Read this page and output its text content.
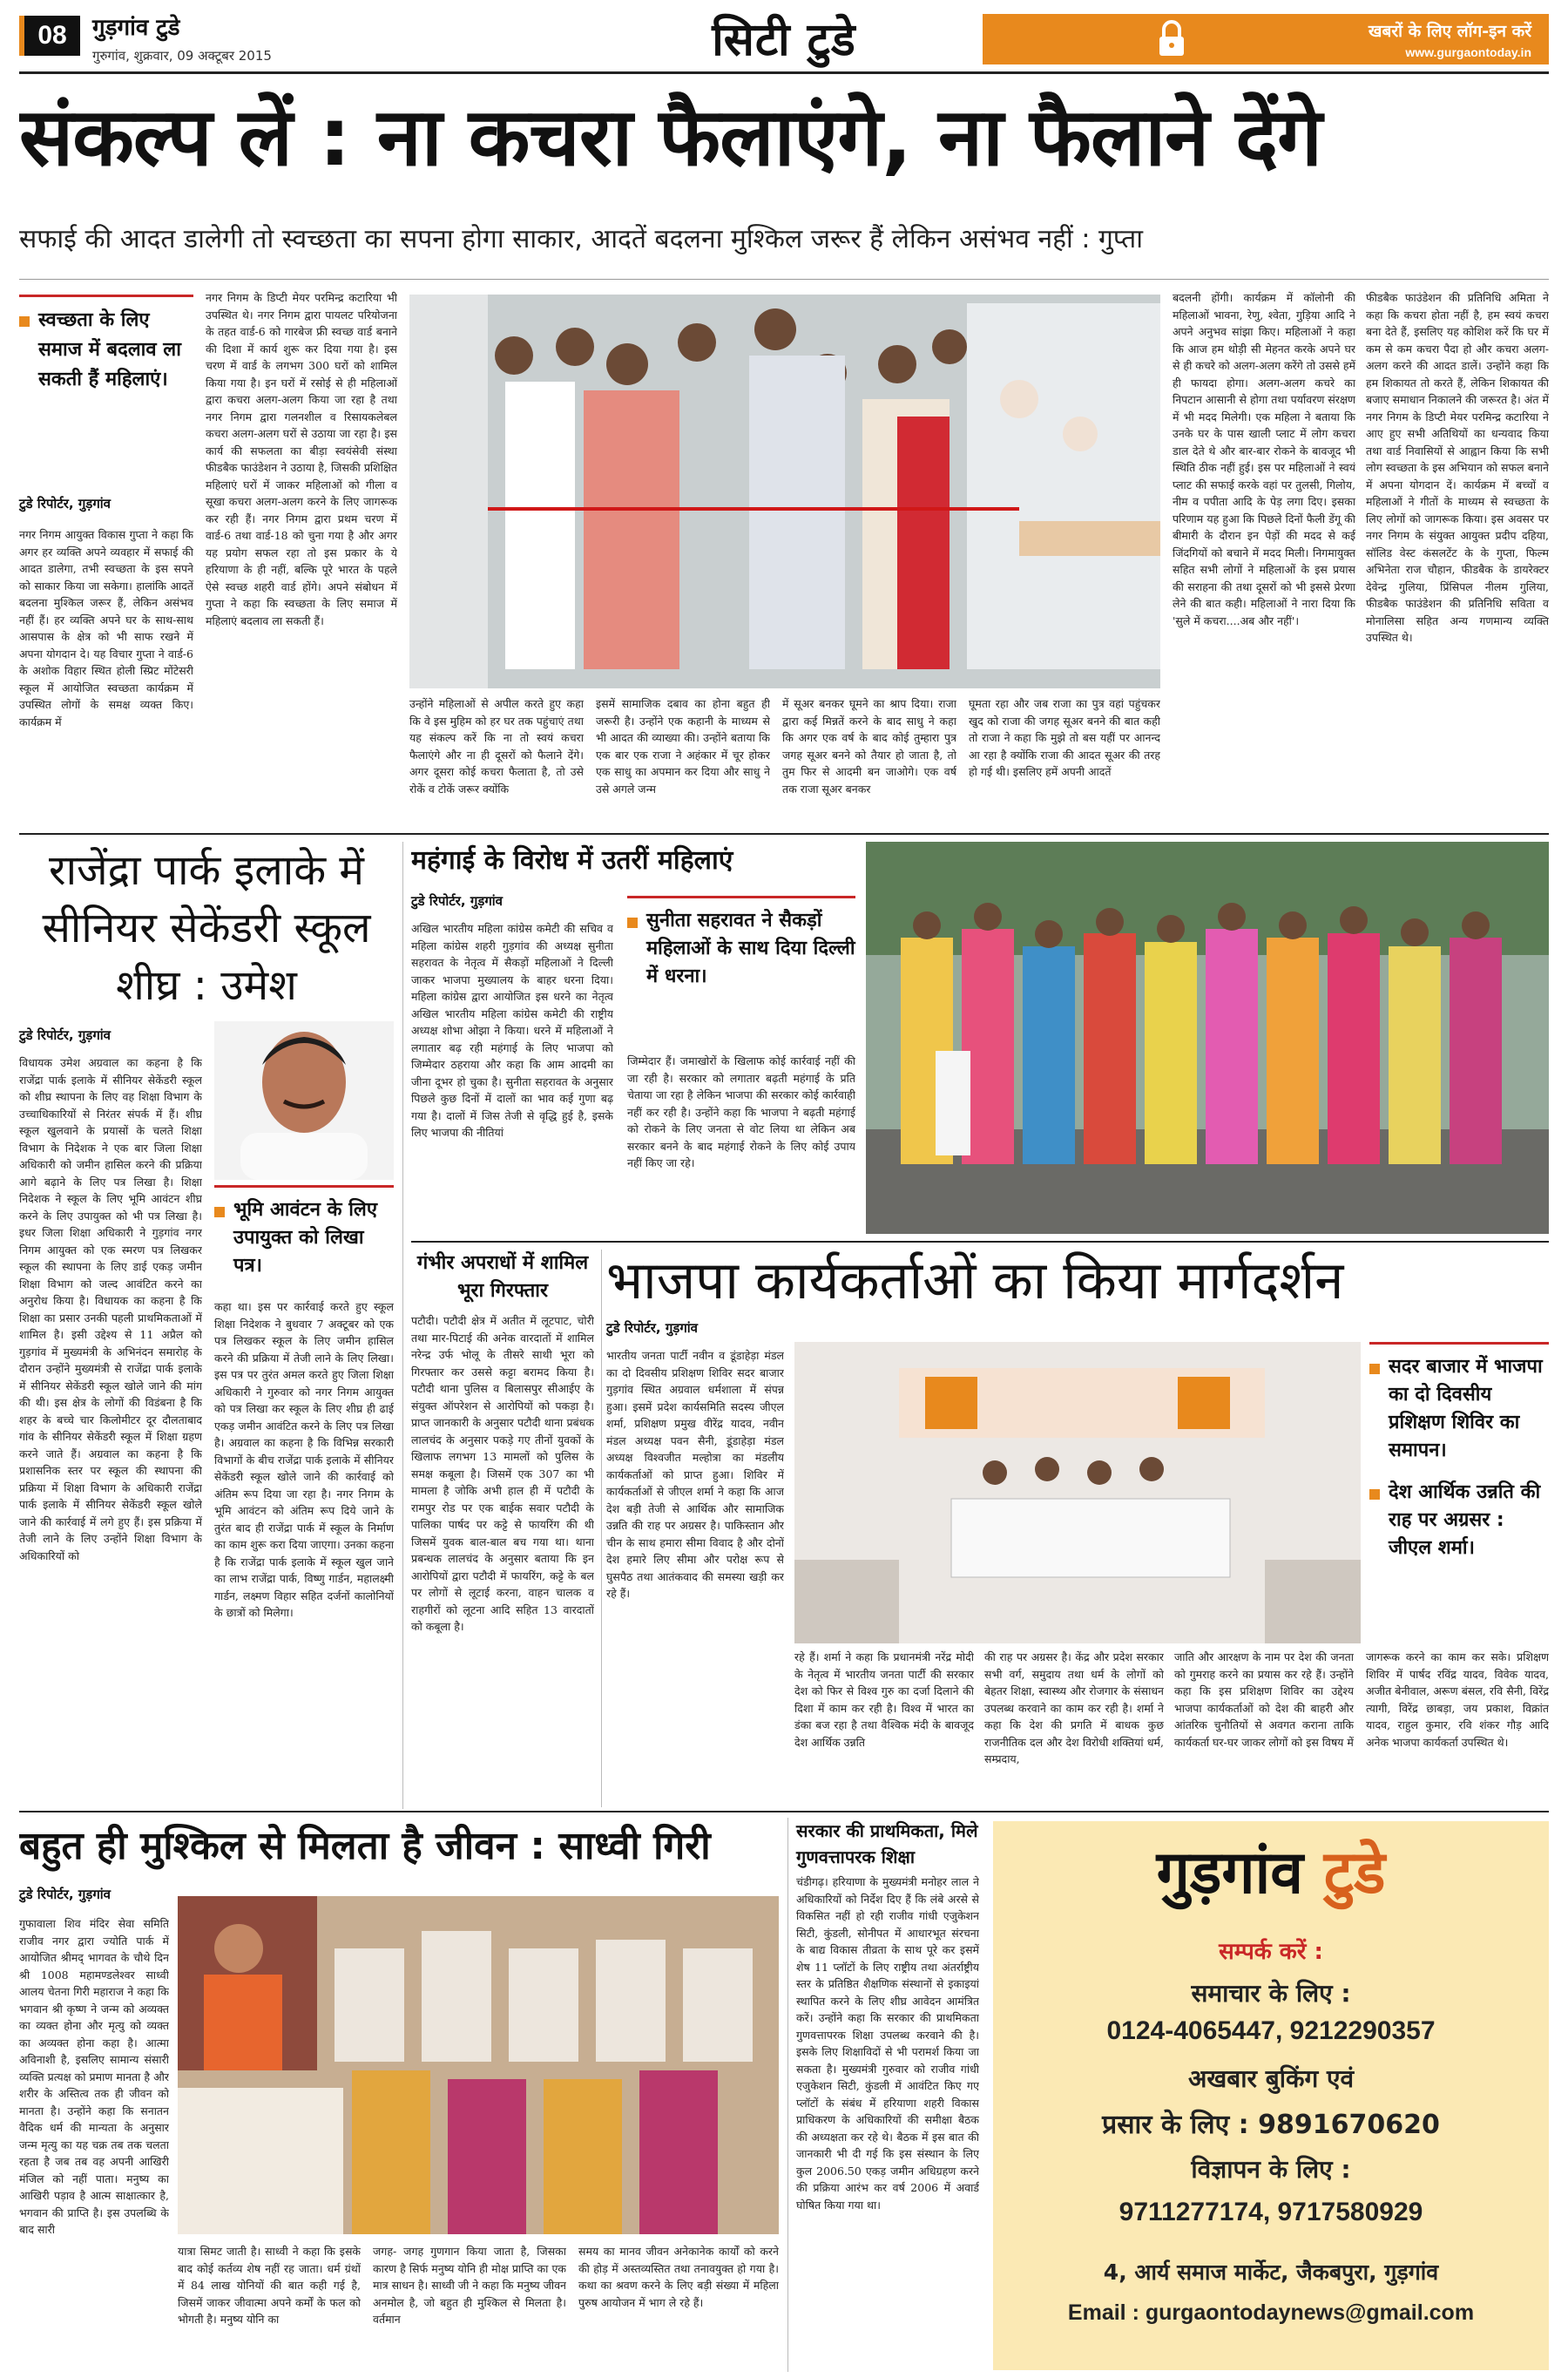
08	गुड़गांव टुडे
गुरुगांव, शुक्रवार, 09 अक्टूबर 2015	सिटी टुडे	खबरों के लिए लॉग-इन करें
www.gurgaontoday.in
संकल्प लें : ना कचरा फैलाएंगे, ना फैलाने देंगे
सफाई की आदत डालेगी तो स्वच्छता का सपना होगा साकार, आदतें बदलना मुश्किल जरूर हैं लेकिन असंभव नहीं : गुप्ता
स्वच्छता के लिए समाज में बदलाव ला सकती हैं महिलाएं।
टुडे रिपोर्टर, गुड़गांव
नगर निगम आयुक्त विकास गुप्ता ने कहा कि अगर हर व्यक्ति अपने व्यवहार में सफाई की आदत डालेगा, तभी स्वच्छता के इस सपने को साकार किया जा सकेगा। हालांकि आदतें बदलना मुश्किल जरूर हैं, लेकिन असंभव नहीं हैं। हर व्यक्ति अपने घर के साथ-साथ आसपास के क्षेत्र को भी साफ रखने में अपना योगदान दे। यह विचार गुप्ता ने वार्ड-6 के अशोक विहार स्थित होली स्प्रिट मोंटेसरी स्कूल में आयोजित स्वच्छता कार्यक्रम में उपस्थित लोगों के समक्ष व्यक्त किए। कार्यक्रम में
नगर निगम के डिप्टी मेयर परमिन्द्र कटारिया भी उपस्थित थे। नगर निगम द्वारा पायलट परियोजना के तहत वार्ड-6 को गारबेज फ्री स्वच्छ वार्ड बनाने की दिशा में कार्य शुरू कर दिया गया है। इस चरण में वार्ड के लगभग 300 घरों को शामिल किया गया है। इन घरों में रसोई से ही महिलाओं द्वारा कचरा अलग-अलग किया जा रहा है तथा नगर निगम द्वारा गलनशील व रिसायकलेबल कचरा अलग-अलग घरों से उठाया जा रहा है। इस कार्य की सफलता का बीड़ा स्वयंसेवी संस्था फीडबैक फाउंडेशन ने उठाया है, जिसकी प्रशिक्षित महिलाएं घरों में जाकर महिलाओं को गीला व सूखा कचरा अलग-अलग करने के लिए जागरूक कर रही हैं। नगर निगम द्वारा प्रथम चरण में वार्ड-6 तथा वार्ड-18 को चुना गया है और अगर यह प्रयोग सफल रहा तो इस प्रकार के ये हरियाणा के ही नहीं, बल्कि पूरे भारत के पहले ऐसे स्वच्छ शहरी वार्ड होंगे। अपने संबोधन में गुप्ता ने कहा कि स्वच्छता के लिए समाज में महिलाएं बदलाव ला सकती हैं।
उन्होंने महिलाओं से अपील करते हुए कहा कि वे इस मुहिम को हर घर तक पहुंचाएं तथा यह संकल्प करें कि ना तो स्वयं कचरा फैलाएंगे और ना ही दूसरों को फैलाने देंगे। अगर दूसरा कोई कचरा फैलाता है, तो उसे रोकें व टोकें जरूर क्योंकि
इसमें सामाजिक दबाव का होना बहुत ही जरूरी है। उन्होंने एक कहानी के माध्यम से भी आदत की व्याख्या की। उन्होंने बताया कि एक बार एक राजा ने अहंकार में चूर होकर एक साधु का अपमान कर दिया और साधु ने उसे अगले जन्म
में सूअर बनकर घूमने का श्राप दिया। राजा द्वारा कई मिन्नतें करने के बाद साधु ने कहा कि अगर एक वर्ष के बाद कोई तुम्हारा पुत्र जगह सूअर बनने को तैयार हो जाता है, तो तुम फिर से आदमी बन जाओगे। एक वर्ष तक राजा सूअर बनकर
घूमता रहा और जब राजा का पुत्र वहां पहुंचकर खुद को राजा की जगह सूअर बनने की बात कही तो राजा ने कहा कि मुझे तो बस यहीं पर आनन्द आ रहा है क्योंकि राजा की आदत सूअर की तरह हो गई थी। इसलिए हमें अपनी आदतें
बदलनी होंगी। कार्यक्रम में कॉलोनी की महिलाओं भावना, रेणु, श्वेता, गुड़िया आदि ने अपने अनुभव सांझा किए। महिलाओं ने कहा कि आज हम थोड़ी सी मेहनत करके अपने घर से ही कचरे को अलग-अलग करेंगे तो उससे हमें ही फायदा होगा। अलग-अलग कचरे का निपटान आसानी से होगा तथा पर्यावरण संरक्षण में भी मदद मिलेगी। एक महिला ने बताया कि उनके घर के पास खाली प्लाट में लोग कचरा डाल देते थे और बार-बार रोकने के बावजूद भी स्थिति ठीक नहीं हुई। इस पर महिलाओं ने स्वयं प्लाट की सफाई करके वहां पर तुलसी, गिलोय, नीम व पपीता आदि के पेड़ लगा दिए। इसका परिणाम यह हुआ कि पिछले दिनों फैली डेंगू की बीमारी के दौरान इन पेड़ों की मदद से कई जिंदगियों को बचाने में मदद मिली। निगमायुक्त सहित सभी लोगों ने महिलाओं के इस प्रयास की सराहना की तथा दूसरों को भी इससे प्रेरणा लेने की बात कही। महिलाओं ने नारा दिया कि 'सुले में कचरा....अब और नहीं'।
फीडबैक फाउंडेशन की प्रतिनिधि अमिता ने कहा कि कचरा होता नहीं है, हम स्वयं कचरा बना देते हैं, इसलिए यह कोशिश करें कि घर में कम से कम कचरा पैदा हो और कचरा अलग-अलग करने की आदत डालें। उन्होंने कहा कि हम शिकायत तो करते हैं, लेकिन शिकायत की बजाए समाधान निकालने की जरूरत है। अंत में नगर निगम के डिप्टी मेयर परमिन्द्र कटारिया ने आए हुए सभी अतिथियों का धन्यवाद किया तथा वार्ड निवासियों से आह्वान किया कि सभी लोग स्वच्छता के इस अभियान को सफल बनाने में अपना योगदान दें। कार्यक्रम में बच्चों व महिलाओं ने गीतों के माध्यम से स्वच्छता के लिए लोगों को जागरूक किया। इस अवसर पर नगर निगम के संयुक्त आयुक्त प्रदीप दहिया, सॉलिड वेस्ट कंसलटेंट के के गुप्ता, फिल्म अभिनेता राज चौहान, फीडबैक के डायरेक्टर देवेन्द्र गुलिया, प्रिंसिपल नीलम गुलिया, फीडबैक फाउंडेशन की प्रतिनिधि सविता व मोनालिसा सहित अन्य गणमान्य व्यक्ति उपस्थित थे।
राजेंद्रा पार्क इलाके में सीनियर सेकेंडरी स्कूल शीघ्र : उमेश
टुडे रिपोर्टर, गुड़गांव
भूमि आवंटन के लिए उपायुक्त को लिखा पत्र।
विधायक उमेश अग्रवाल का कहना है कि राजेंद्रा पार्क इलाके में सीनियर सेकेंडरी स्कूल को शीघ्र स्थापना के लिए वह शिक्षा विभाग के उच्चाधिकारियों से निरंतर संपर्क में हैं। शीघ्र स्कूल खुलवाने के प्रयासों के चलते शिक्षा विभाग के निदेशक ने एक बार जिला शिक्षा अधिकारी को जमीन हासिल करने की प्रक्रिया आगे बढ़ाने के लिए पत्र लिखा है। शिक्षा निदेशक ने स्कूल के लिए भूमि आवंटन शीघ्र करने के लिए उपायुक्त को भी पत्र लिखा है। इधर जिला शिक्षा अधिकारी ने गुड़गांव नगर निगम आयुक्त को एक स्मरण पत्र लिखकर स्कूल की स्थापना के लिए डाई एकड़ जमीन शिक्षा विभाग को जल्द आवंटित करने का अनुरोध किया है। विधायक का कहना है कि शिक्षा का प्रसार उनकी पहली प्राथमिकताओं में शामिल है। इसी उद्देश्य से 11 अप्रैल को गुड़गांव में मुख्यमंत्री के अभिनंदन समारोह के दौरान उन्होंने मुख्यमंत्री से राजेंद्रा पार्क इलाके में सीनियर सेकेंडरी स्कूल खोले जाने की मांग की थी। इस क्षेत्र के लोगों की विडंबना है कि शहर के बच्चे चार किलोमीटर दूर दौलताबाद गांव के सीनियर सेकेंडरी स्कूल में शिक्षा ग्रहण करने जाते हैं। अग्रवाल का कहना है कि प्रशासनिक स्तर पर स्कूल की स्थापना की प्रक्रिया में शिक्षा विभाग के अधिकारी राजेंद्रा पार्क इलाके में सीनियर सेकेंडरी स्कूल खोले जाने की कार्रवाई में लगे हुए हैं। इस प्रक्रिया में तेजी लाने के लिए उन्होंने शिक्षा विभाग के अधिकारियों को
कहा था। इस पर कार्रवाई करते हुए स्कूल शिक्षा निदेशक ने बुधवार 7 अक्टूबर को एक पत्र लिखकर स्कूल के लिए जमीन हासिल करने की प्रक्रिया में तेजी लाने के लिए लिखा। इस पत्र पर तुरंत अमल करते हुए जिला शिक्षा अधिकारी ने गुरुवार को नगर निगम आयुक्त को पत्र लिखा कर स्कूल के लिए शीघ्र ही ढाई एकड़ जमीन आवंटित करने के लिए पत्र लिखा है। अग्रवाल का कहना है कि विभिन्न सरकारी विभागों के बीच राजेंद्रा पार्क इलाके में सीनियर सेकेंडरी स्कूल खोले जाने की कार्रवाई को अंतिम रूप दिया जा रहा है। नगर निगम के भूमि आवंटन को अंतिम रूप दिये जाने के तुरंत बाद ही राजेंद्रा पार्क में स्कूल के निर्माण का काम शुरू करा दिया जाएगा। उनका कहना है कि राजेंद्रा पार्क इलाके में स्कूल खुल जाने का लाभ राजेंद्रा पार्क, विष्णु गार्डन, महालक्ष्मी गार्डन, लक्ष्मण विहार सहित दर्जनों कालोनियों के छात्रों को मिलेगा।
महंगाई के विरोध में उतरीं महिलाएं
टुडे रिपोर्टर, गुड़गांव
अखिल भारतीय महिला कांग्रेस कमेटी की सचिव व महिला कांग्रेस शहरी गुड़गांव की अध्यक्ष सुनीता सहरावत के नेतृत्व में सैकड़ों महिलाओं ने दिल्ली जाकर भाजपा मुख्यालय के बाहर धरना दिया। महिला कांग्रेस द्वारा आयोजित इस धरने का नेतृत्व अखिल भारतीय महिला कांग्रेस कमेटी की राष्ट्रीय अध्यक्ष शोभा ओझा ने किया। धरने में महिलाओं ने लगातार बढ़ रही महंगाई के लिए भाजपा को जिम्मेदार ठहराया और कहा कि आम आदमी का जीना दूभर हो चुका है। सुनीता सहरावत के अनुसार पिछले कुछ दिनों में दालों का भाव कई गुणा बढ़ गया है। दालों में जिस तेजी से वृद्धि हुई है, इसके लिए भाजपा की नीतियां
सुनीता सहरावत ने सैकड़ों महिलाओं के साथ दिया दिल्ली में धरना।
जिम्मेदार हैं। जमाखोरों के खिलाफ कोई कार्रवाई नहीं की जा रही है। सरकार को लगातार बढ़ती महंगाई के प्रति चेताया जा रहा है लेकिन भाजपा की सरकार कोई कार्रवाही नहीं कर रही है। उन्होंने कहा कि भाजपा ने बढ़ती महंगाई को रोकने के लिए जनता से वोट लिया था लेकिन अब सरकार बनने के बाद महंगाई रोकने के लिए कोई उपाय नहीं किए जा रहे।
गंभीर अपराधों में शामिल भूरा गिरफ्तार
पटौदी। पटौदी क्षेत्र में अतीत में लूटपाट, चोरी तथा मार-पिटाई की अनेक वारदातों में शामिल नरेन्द्र उर्फ भोलू के तीसरे साथी भूरा को गिरफ्तार कर उससे कट्टा बरामद किया है। पटौदी थाना पुलिस व बिलासपुर सीआईए के संयुक्त ऑपरेशन से आरोपियों को पकड़ा है। प्राप्त जानकारी के अनुसार पटौदी थाना प्रबंधक लालचंद के अनुसार पकड़े गए तीनों युवकों के खिलाफ लगभग 13 मामलों को पुलिस के समक्ष कबूला है। जिसमें एक 307 का भी मामला है जोकि अभी हाल ही में पटौदी के रामपुर रोड पर एक बाईक सवार पटौदी के पालिका पार्षद पर कट्टे से फायरिंग की थी जिसमें युवक बाल-बाल बच गया था। थाना प्रबन्धक लालचंद के अनुसार बताया कि इन आरोपियों द्वारा पटौदी में फायरिंग, कट्टे के बल पर लोगों से लूटाई करना, वाहन चालक व राहगीरों को लूटना आदि सहित 13 वारदातों को कबूला है।
भाजपा कार्यकर्ताओं का किया मार्गदर्शन
टुडे रिपोर्टर, गुड़गांव
भारतीय जनता पार्टी नवीन व डूंडाहेड़ा मंडल का दो दिवसीय प्रशिक्षण शिविर सदर बाजार गुड़गांव स्थित अग्रवाल धर्मशाला में संपन्न हुआ। इसमें प्रदेश कार्यसमिति सदस्य जीएल शर्मा, प्रशिक्षण प्रमुख वीरेंद्र यादव, नवीन मंडल अध्यक्ष पवन सैनी, डूंडाहेड़ा मंडल अध्यक्ष विश्वजीत मल्होत्रा का मंडलीय कार्यकर्ताओं को प्राप्त हुआ। शिविर में कार्यकर्ताओं से जीएल शर्मा ने कहा कि आज देश बड़ी तेजी से आर्थिक और सामाजिक उन्नति की राह पर अग्रसर है। पाकिस्तान और चीन के साथ हमारा सीमा विवाद है और दोनों देश हमारे लिए सीमा और परोक्ष रूप से घुसपैठ तथा आतंकवाद की समस्या खड़ी कर रहे हैं।
सदर बाजार में भाजपा का दो दिवसीय प्रशिक्षण शिविर का समापन।
देश आर्थिक उन्नति की राह पर अग्रसर : जीएल शर्मा।
रहे हैं। शर्मा ने कहा कि प्रधानमंत्री नरेंद्र मोदी के नेतृत्व में भारतीय जनता पार्टी की सरकार देश को फिर से विश्व गुरु का दर्जा दिलाने की दिशा में काम कर रही है। विश्व में भारत का डंका बज रहा है तथा वैश्विक मंदी के बावजूद देश आर्थिक उन्नति
की राह पर अग्रसर है। केंद्र और प्रदेश सरकार सभी वर्ग, समुदाय तथा धर्म के लोगों को बेहतर शिक्षा, स्वास्थ्य और रोजगार के संसाधन उपलब्ध करवाने का काम कर रही है। शर्मा ने कहा कि देश की प्रगति में बाधक कुछ राजनीतिक दल और देश विरोधी शक्तियां धर्म, सम्प्रदाय,
जाति और आरक्षण के नाम पर देश की जनता को गुमराह करने का प्रयास कर रहे हैं। उन्होंने कहा कि इस प्रशिक्षण शिविर का उद्देश्य भाजपा कार्यकर्ताओं को देश की बाहरी और आंतरिक चुनौतियों से अवगत कराना ताकि कार्यकर्ता घर-घर जाकर लोगों को इस विषय में
जागरूक करने का काम कर सके। प्रशिक्षण शिविर में पार्षद रविंद्र यादव, विवेक यादव, अजीत बेनीवाल, अरूण बंसल, रवि सैनी, विरेंद्र त्यागी, विरेंद्र छाबड़ा, जय प्रकाश, विक्रांत यादव, राहुल कुमार, रवि शंकर गौड़ आदि अनेक भाजपा कार्यकर्ता उपस्थित थे।
बहुत ही मुश्किल से मिलता है जीवन : साध्वी गिरी
टुडे रिपोर्टर, गुड़गांव
गुफावाला शिव मंदिर सेवा समिति राजीव नगर द्वारा ज्योति पार्क में आयोजित श्रीमद् भागवत के चौथे दिन श्री 1008 महामण्डलेश्वर साध्वी आलय चेतना गिरी महाराज ने कहा कि भगवान श्री कृष्ण ने जन्म को अव्यक्त का व्यक्त होना और मृत्यु को व्यक्त का अव्यक्त होना कहा है। आत्मा अविनाशी है, इसलिए सामान्य संसारी व्यक्ति प्रत्यक्ष को प्रमाण मानता है और शरीर के अस्तित्व तक ही जीवन को मानता है। उन्होंने कहा कि सनातन वैदिक धर्म की मान्यता के अनुसार जन्म मृत्यु का यह चक्र तब तक चलता रहता है जब तब वह अपनी आखिरी मंजिल को नहीं पाता। मनुष्य का आखिरी पड़ाव है आत्म साक्षात्कार है, भगवान की प्राप्ति है। इस उपलब्धि के बाद सारी
यात्रा सिमट जाती है। साध्वी ने कहा कि इसके बाद कोई कर्तव्य शेष नहीं रह जाता। धर्म ग्रंथों में 84 लाख योनियों की बात कही गई है, जिसमें जाकर जीवात्मा अपने कर्मों के फल को भोगती है। मनुष्य योनि का
जगह- जगह गुणगान किया जाता है, जिसका कारण है सिर्फ मनुष्य योनि ही मोक्ष प्राप्ति का एक मात्र साधन है। साध्वी जी ने कहा कि मनुष्य जीवन अनमोल है, जो बहुत ही मुश्किल से मिलता है। वर्तमान
समय का मानव जीवन अनेकानेक कार्यों को करने की होड़ में अस्तव्यस्तित तथा तनावयुक्त हो गया है। कथा का श्रवण करने के लिए बड़ी संख्या में महिला पुरुष आयोजन में भाग ले रहे हैं।
सरकार की प्राथमिकता, मिले गुणवत्तापरक शिक्षा
चंडीगढ़। हरियाणा के मुख्यमंत्री मनोहर लाल ने अधिकारियों को निर्देश दिए हैं कि लंबे अरसे से विकसित नहीं हो रही राजीव गांधी एजुकेशन सिटी, कुंडली, सोनीपत में आधारभूत संरचना के बाद्य विकास तीव्रता के साथ पूरे कर इसमें शेष 11 प्लॉटों के लिए राष्ट्रीय तथा अंतर्राष्ट्रीय स्तर के प्रतिष्ठित शैक्षणिक संस्थानों से इकाइयां स्थापित करने के लिए शीघ्र आवेदन आमंत्रित करें। उन्होंने कहा कि सरकार की प्राथमिकता गुणवत्तापरक शिक्षा उपलब्ध करवाने की है। इसके लिए शिक्षाविदों से भी परामर्श किया जा सकता है। मुख्यमंत्री गुरुवार को राजीव गांधी एजुकेशन सिटी, कुंडली में आवंटित किए गए प्लॉटों के संबंध में हरियाणा शहरी विकास प्राधिकरण के अधिकारियों की समीक्षा बैठक की अध्यक्षता कर रहे थे। बैठक में इस बात की जानकारी भी दी गई कि इस संस्थान के लिए कुल 2006.50 एकड़ जमीन अधिग्रहण करने की प्रक्रिया आरंभ कर वर्ष 2006 में अवार्ड घोषित किया गया था।
गुड़गांव टुडे
सम्पर्क करें :
समाचार के लिए :
0124-4065447, 9212290357
अखबार बुकिंग एवं
प्रसार के लिए : 9891670620
विज्ञापन के लिए :
9711277174, 9717580929
4, आर्य समाज मार्केट, जैकबपुरा, गुड़गांव
Email : gurgaontodaynews@gmail.com
